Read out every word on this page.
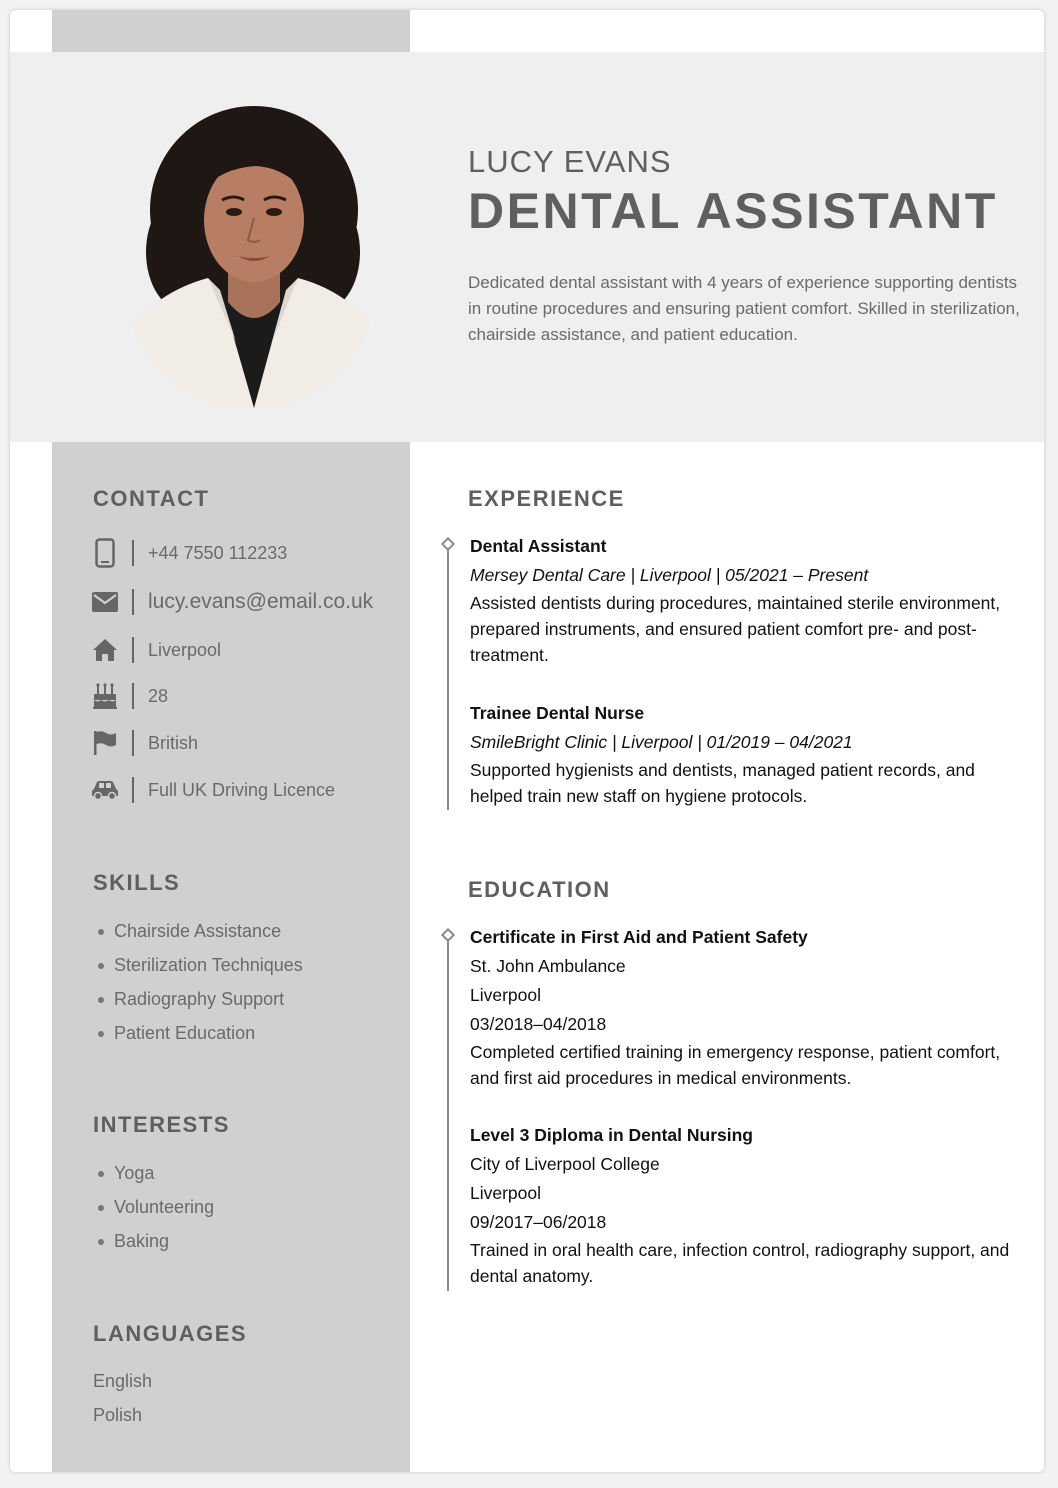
LUCY EVANS
DENTAL ASSISTANT
Dedicated dental assistant with 4 years of experience supporting dentists in routine procedures and ensuring patient comfort. Skilled in sterilization, chairside assistance, and patient education.
CONTACT
+44 7550 112233
lucy.evans@email.co.uk
Liverpool
28
British
Full UK Driving Licence
SKILLS
Chairside Assistance
Sterilization Techniques
Radiography Support
Patient Education
INTERESTS
Yoga
Volunteering
Baking
LANGUAGES
English
Polish
EXPERIENCE
Dental Assistant
Mersey Dental Care | Liverpool | 05/2021 – Present
Assisted dentists during procedures, maintained sterile environment, prepared instruments, and ensured patient comfort pre- and post-treatment.
Trainee Dental Nurse
SmileBright Clinic | Liverpool | 01/2019 – 04/2021
Supported hygienists and dentists, managed patient records, and helped train new staff on hygiene protocols.
EDUCATION
Certificate in First Aid and Patient Safety
St. John Ambulance
Liverpool
03/2018–04/2018
Completed certified training in emergency response, patient comfort, and first aid procedures in medical environments.
Level 3 Diploma in Dental Nursing
City of Liverpool College
Liverpool
09/2017–06/2018
Trained in oral health care, infection control, radiography support, and dental anatomy.
